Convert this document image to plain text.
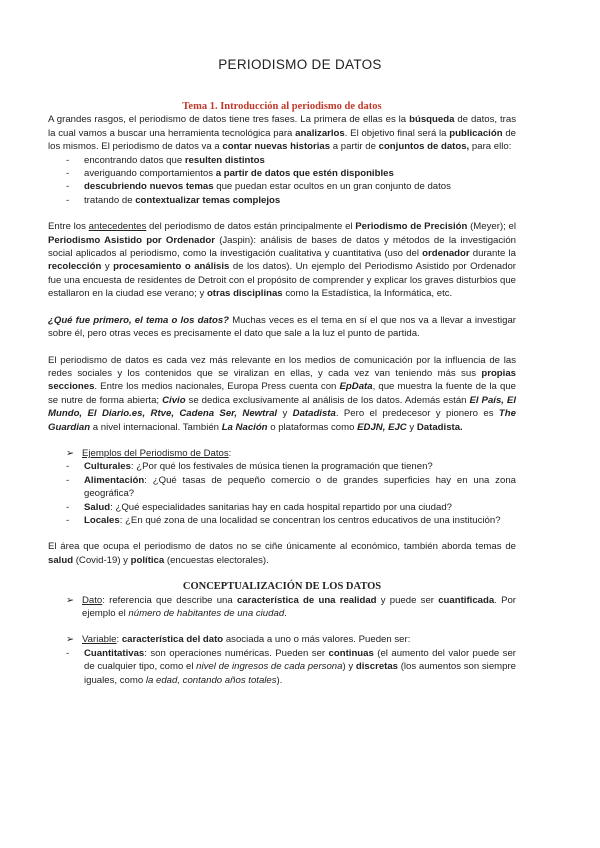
PERIODISMO DE DATOS
Tema 1. Introducción al periodismo de datos

A grandes rasgos, el periodismo de datos tiene tres fases. La primera de ellas es la búsqueda de datos, tras la cual vamos a buscar una herramienta tecnológica para analizarlos. El objetivo final será la publicación de los mismos. El periodismo de datos va a contar nuevas historias a partir de conjuntos de datos, para ello:

- encontrando datos que resulten distintos
- averiguando comportamientos a partir de datos que estén disponibles
- descubriendo nuevos temas que puedan estar ocultos en un gran conjunto de datos
- tratando de contextualizar temas complejos

Entre los antecedentes del periodismo de datos están principalmente el Periodismo de Precisión (Meyer); el Periodismo Asistido por Ordenador (Jaspin): análisis de bases de datos y métodos de la investigación social aplicados al periodismo, como la investigación cualitativa y cuantitativa (uso del ordenador durante la recolección y procesamiento o análisis de los datos). Un ejemplo del Periodismo Asistido por Ordenador fue una encuesta de residentes de Detroit con el propósito de comprender y explicar los graves disturbios que estallaron en la ciudad ese verano; y otras disciplinas como la Estadística, la Informática, etc.

¿Qué fue primero, el tema o los datos? Muchas veces es el tema en sí el que nos va a llevar a investigar sobre él, pero otras veces es precisamente el dato que sale a la luz el punto de partida.

El periodismo de datos es cada vez más relevante en los medios de comunicación por la influencia de las redes sociales y los contenidos que se viralizan en ellas, y cada vez van teniendo más sus propias secciones. Entre los medios nacionales, Europa Press cuenta con EpData, que muestra la fuente de la que se nutre de forma abierta; Civio se dedica exclusivamente al análisis de los datos. Además están El País, El Mundo, El Diario.es, Rtve, Cadena Ser, Newtral y Datadista. Pero el predecesor y pionero es The Guardian a nivel internacional. También La Nación o plataformas como EDJN, EJC y Datadista.

➢ Ejemplos del Periodismo de Datos:
- Culturales: ¿Por qué los festivales de música tienen la programación que tienen?
- Alimentación: ¿Qué tasas de pequeño comercio o de grandes superficies hay en una zona geográfica?
- Salud: ¿Qué especialidades sanitarias hay en cada hospital repartido por una ciudad?
- Locales: ¿En qué zona de una localidad se concentran los centros educativos de una institución?

El área que ocupa el periodismo de datos no se ciñe únicamente al económico, también aborda temas de salud (Covid-19) y política (encuestas electorales).

CONCEPTUALIZACIÓN DE LOS DATOS
➢ Dato: referencia que describe una característica de una realidad y puede ser cuantificada. Por ejemplo el número de habitantes de una ciudad.
➢ Variable: característica del dato asociada a uno o más valores. Pueden ser:
- Cuantitativas: son operaciones numéricas. Pueden ser continuas (el aumento del valor puede ser de cualquier tipo, como el nivel de ingresos de cada persona) y discretas (los aumentos son siempre iguales, como la edad, contando años totales).
